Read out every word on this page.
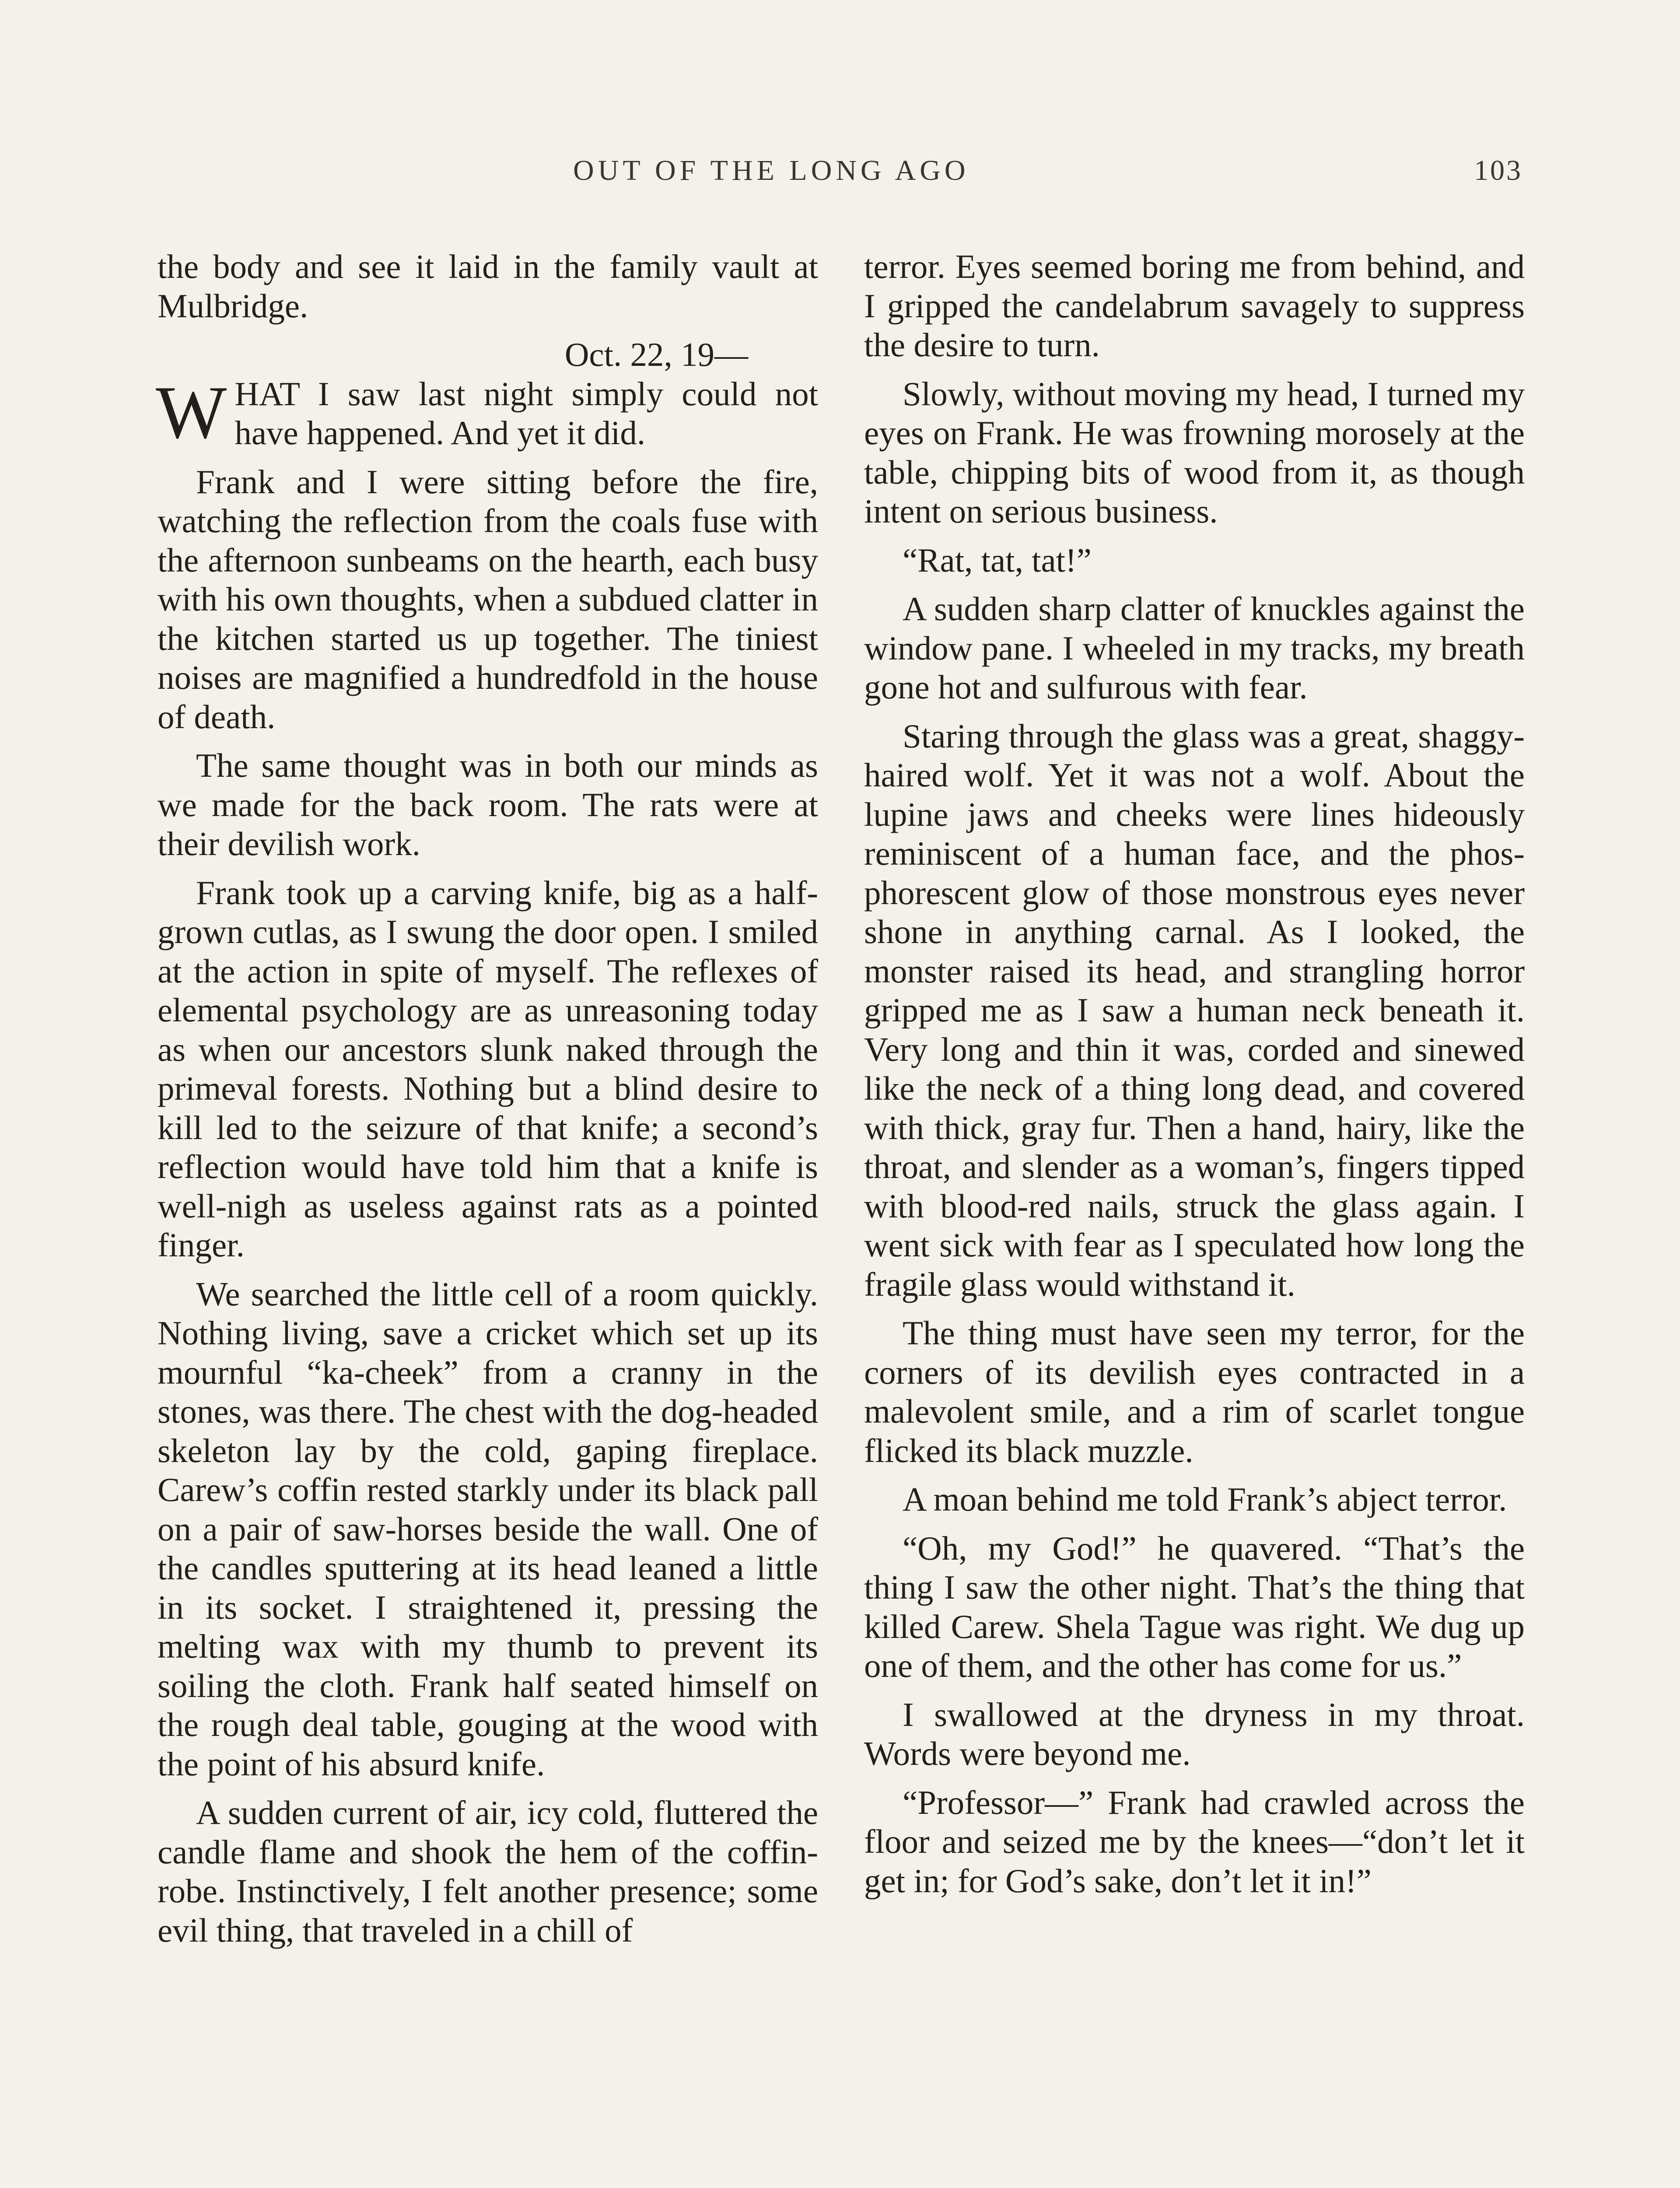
OUT OF THE LONG AGO	103

the body and see it laid in the family vault at Mulbridge.

Oct. 22, 19—

WHAT I saw last night simply could not have happened. And yet it did.

Frank and I were sitting before the fire, watching the reflection from the coals fuse with the afternoon sunbeams on the hearth, each busy with his own thoughts, when a subdued clatter in the kitchen started us up together. The tiniest noises are magnified a hundredfold in the house of death.

The same thought was in both our minds as we made for the back room. The rats were at their devilish work.

Frank took up a carving knife, big as a half-grown cutlas, as I swung the door open. I smiled at the action in spite of myself. The reflexes of elemental psychology are as unreasoning today as when our ancestors slunk naked through the primeval forests. Nothing but a blind desire to kill led to the seizure of that knife; a second’s reflection would have told him that a knife is well-nigh as useless against rats as a pointed finger.

We searched the little cell of a room quickly. Nothing living, save a cricket which set up its mournful “ka-cheek” from a cranny in the stones, was there. The chest with the dog-headed skeleton lay by the cold, gaping fireplace. Carew’s coffin rested starkly under its black pall on a pair of saw-horses beside the wall. One of the candles sputtering at its head leaned a little in its socket. I straightened it, pressing the melting wax with my thumb to prevent its soiling the cloth. Frank half seated himself on the rough deal table, gouging at the wood with the point of his absurd knife.

A sudden current of air, icy cold, fluttered the candle flame and shook the hem of the coffin-robe. Instinctively, I felt another presence; some evil thing, that traveled in a chill of

terror. Eyes seemed boring me from behind, and I gripped the candelabrum savagely to suppress the desire to turn.

Slowly, without moving my head, I turned my eyes on Frank. He was frowning morosely at the table, chipping bits of wood from it, as though intent on serious business.

“Rat, tat, tat!”

A sudden sharp clatter of knuckles against the window pane. I wheeled in my tracks, my breath gone hot and sulfurous with fear.

Staring through the glass was a great, shaggy-haired wolf. Yet it was not a wolf. About the lupine jaws and cheeks were lines hideously reminiscent of a human face, and the phosphorescent glow of those monstrous eyes never shone in anything carnal. As I looked, the monster raised its head, and strangling horror gripped me as I saw a human neck beneath it. Very long and thin it was, corded and sinewed like the neck of a thing long dead, and covered with thick, gray fur. Then a hand, hairy, like the throat, and slender as a woman’s, fingers tipped with blood-red nails, struck the glass again. I went sick with fear as I speculated how long the fragile glass would withstand it.

The thing must have seen my terror, for the corners of its devilish eyes contracted in a malevolent smile, and a rim of scarlet tongue flicked its black muzzle.

A moan behind me told Frank’s abject terror.

“Oh, my God!” he quavered. “That’s the thing I saw the other night. That’s the thing that killed Carew. Shela Tague was right. We dug up one of them, and the other has come for us.”

I swallowed at the dryness in my throat. Words were beyond me.

“Professor—” Frank had crawled across the floor and seized me by the knees—“don’t let it get in; for God’s sake, don’t let it in!”
